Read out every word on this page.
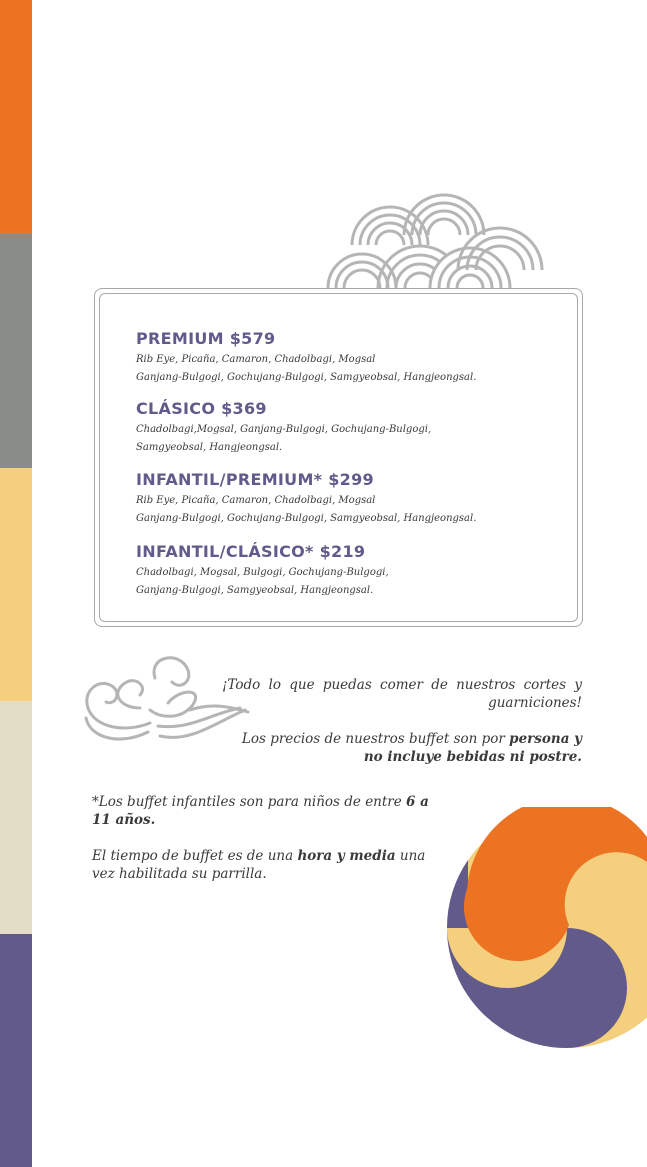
PREMIUM $579
Rib Eye, Picaña, Camaron, Chadolbagi, Mogsal
Ganjang-Bulgogi, Gochujang-Bulgogi, Samgyeobsal, Hangjeongsal.
CLÁSICO $369
Chadolbagi,Mogsal, Ganjang-Bulgogi, Gochujang-Bulgogi,
Samgyeobsal, Hangjeongsal.
INFANTIL/PREMIUM* $299
Rib Eye, Picaña, Camaron, Chadolbagi, Mogsal
Ganjang-Bulgogi, Gochujang-Bulgogi, Samgyeobsal, Hangjeongsal.
INFANTIL/CLÁSICO* $219
Chadolbagi, Mogsal, Bulgogi, Gochujang-Bulgogi,
Ganjang-Bulgogi, Samgyeobsal, Hangjeongsal.

¡Todo lo que puedas comer de nuestros cortes y guarniciones!

Los precios de nuestros buffet son por persona y no incluye bebidas ni postre.

*Los buffet infantiles son para niños de entre 6 a 11 años.

El tiempo de buffet es de una hora y media una vez habilitada su parrilla.
